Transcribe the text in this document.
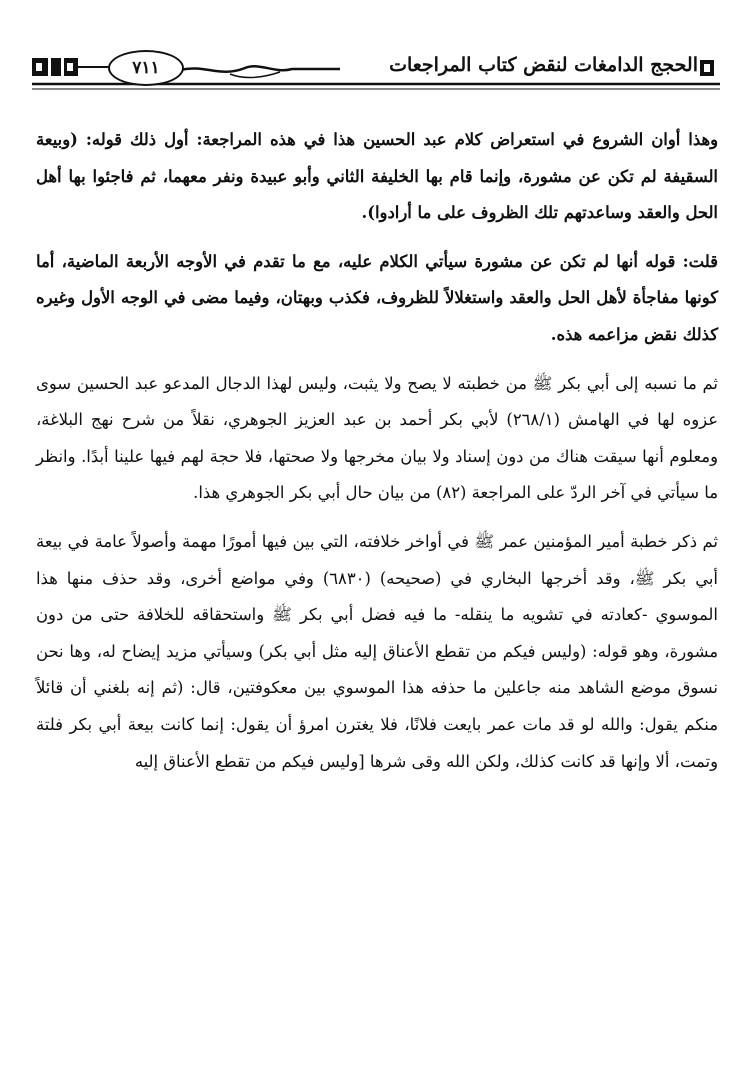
٧١١	الحجج الدامغات لنقض كتاب المراجعات

وهذا أوان الشروع في استعراض كلام عبد الحسين هذا في هذه المراجعة: أول ذلك قوله: (وبيعة السقيفة لم تكن عن مشورة، وإنما قام بها الخليفة الثاني وأبو عبيدة ونفر معهما، ثم فاجئوا بها أهل الحل والعقد وساعدتهم تلك الظروف على ما أرادوا).

قلت: قوله أنها لم تكن عن مشورة سيأتي الكلام عليه، مع ما تقدم في الأوجه الأربعة الماضية، أما كونها مفاجأة لأهل الحل والعقد واستغلالاً للظروف، فكذب وبهتان، وفيما مضى في الوجه الأول وغيره كذلك نقض مزاعمه هذه.

ثم ما نسبه إلى أبي بكر ﷺ من خطبته لا يصح ولا يثبت، وليس لهذا الدجال المدعو عبد الحسين سوى عزوه لها في الهامش (٢٦٨/١) لأبي بكر أحمد بن عبد العزيز الجوهري، نقلاً من شرح نهج البلاغة، ومعلوم أنها سيقت هناك من دون إسناد ولا بيان مخرجها ولا صحتها، فلا حجة لهم فيها علينا أبدًا. وانظر ما سيأتي في آخر الردّ على المراجعة (٨٢) من بيان حال أبي بكر الجوهري هذا.

ثم ذكر خطبة أمير المؤمنين عمر ﷺ في أواخر خلافته، التي بين فيها أمورًا مهمة وأصولاً عامة في بيعة أبي بكر ﷺ، وقد أخرجها البخاري في (صحيحه) (٦٨٣٠) وفي مواضع أخرى، وقد حذف منها هذا الموسوي -كعادته في تشويه ما ينقله- ما فيه فضل أبي بكر ﷺ واستحقاقه للخلافة حتى من دون مشورة، وهو قوله: (وليس فيكم من تقطع الأعناق إليه مثل أبي بكر) وسيأتي مزيد إيضاح له، وها نحن نسوق موضع الشاهد منه جاعلين ما حذفه هذا الموسوي بين معكوفتين، قال: (ثم إنه بلغني أن قائلاً منكم يقول: والله لو قد مات عمر بايعت فلانًا، فلا يغترن امرؤ أن يقول: إنما كانت بيعة أبي بكر فلتة وتمت، ألا وإنها قد كانت كذلك، ولكن الله وقى شرها [وليس فيكم من تقطع الأعناق إليه
